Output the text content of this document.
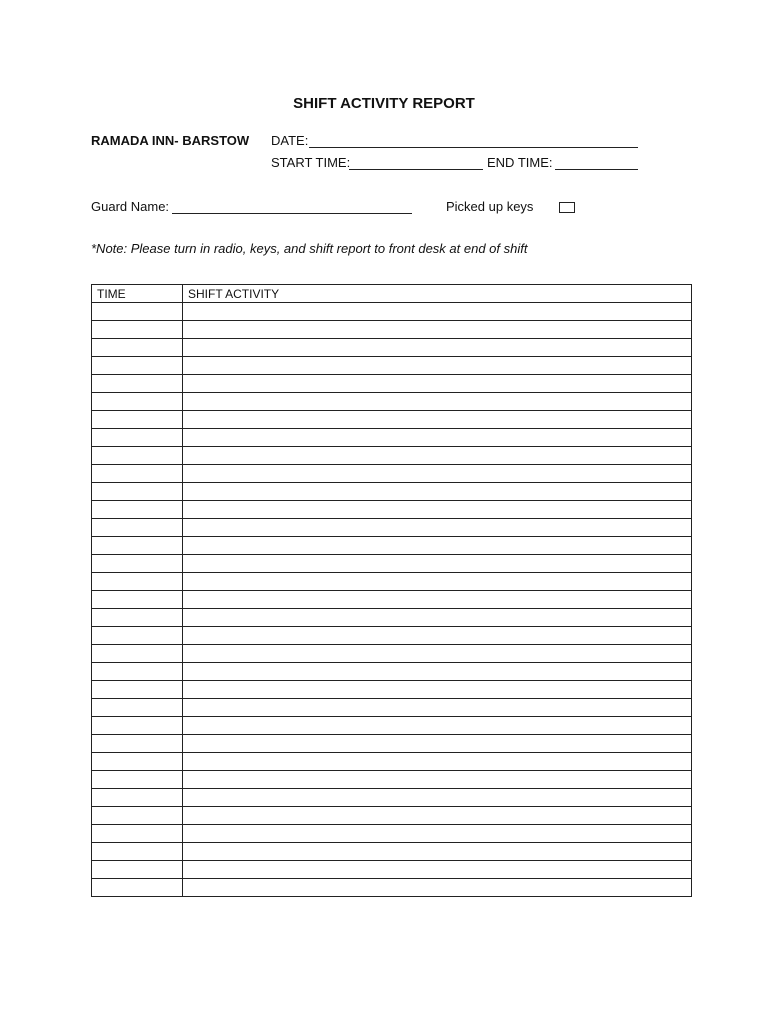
SHIFT ACTIVITY REPORT
RAMADA INN- BARSTOW DATE:
START TIME:	END TIME:
Guard Name:	Picked up keys
*Note: Please turn in radio, keys, and shift report to front desk at end of shift
TIME	SHIFT ACTIVITY
